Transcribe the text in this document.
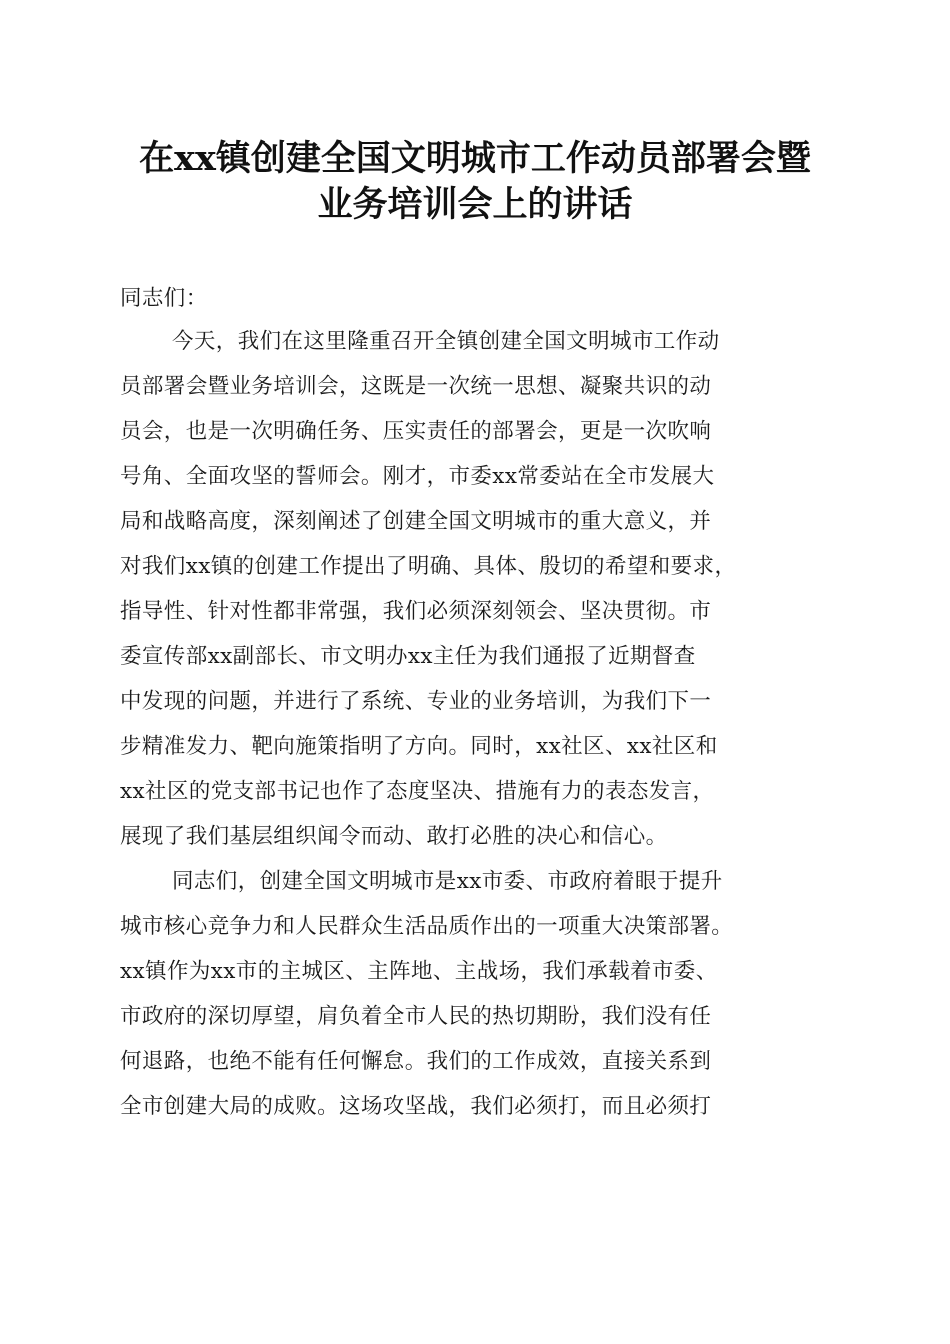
在xx镇创建全国文明城市工作动员部署会暨
业务培训会上的讲话
同志们：
今天，我们在这里隆重召开全镇创建全国文明城市工作动
员部署会暨业务培训会，这既是一次统一思想、凝聚共识的动
员会，也是一次明确任务、压实责任的部署会，更是一次吹响
号角、全面攻坚的誓师会。刚才，市委xx常委站在全市发展大
局和战略高度，深刻阐述了创建全国文明城市的重大意义，并
对我们xx镇的创建工作提出了明确、具体、殷切的希望和要求，
指导性、针对性都非常强，我们必须深刻领会、坚决贯彻。市
委宣传部xx副部长、市文明办xx主任为我们通报了近期督查
中发现的问题，并进行了系统、专业的业务培训，为我们下一
步精准发力、靶向施策指明了方向。同时，xx社区、xx社区和
xx社区的党支部书记也作了态度坚决、措施有力的表态发言，
展现了我们基层组织闻令而动、敢打必胜的决心和信心。
同志们，创建全国文明城市是xx市委、市政府着眼于提升
城市核心竞争力和人民群众生活品质作出的一项重大决策部署。
xx镇作为xx市的主城区、主阵地、主战场，我们承载着市委、
市政府的深切厚望，肩负着全市人民的热切期盼，我们没有任
何退路，也绝不能有任何懈怠。我们的工作成效，直接关系到
全市创建大局的成败。这场攻坚战，我们必须打，而且必须打
